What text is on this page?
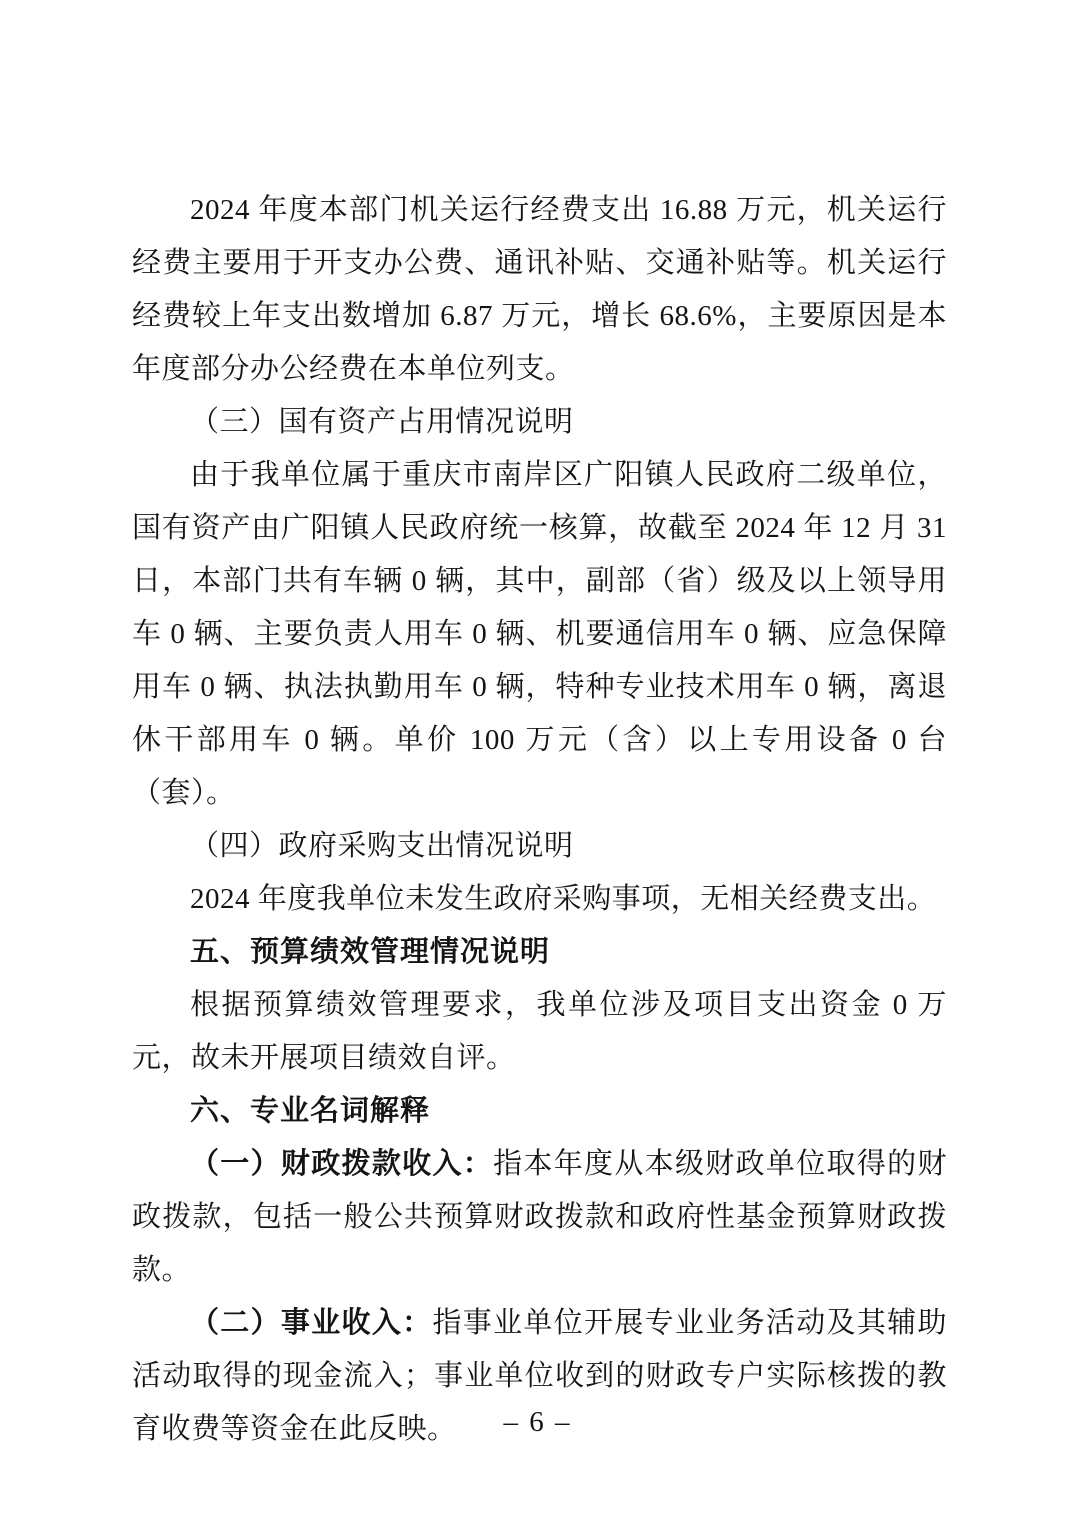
2024 年度本部门机关运行经费支出 16.88 万元，机关运行经费主要用于开支办公费、通讯补贴、交通补贴等。机关运行经费较上年支出数增加 6.87 万元，增长 68.6%，主要原因是本年度部分办公经费在本单位列支。

（三）国有资产占用情况说明

由于我单位属于重庆市南岸区广阳镇人民政府二级单位，国有资产由广阳镇人民政府统一核算，故截至 2024 年 12 月 31 日，本部门共有车辆 0 辆，其中，副部（省）级及以上领导用车 0 辆、主要负责人用车 0 辆、机要通信用车 0 辆、应急保障用车 0 辆、执法执勤用车 0 辆，特种专业技术用车 0 辆，离退休干部用车 0 辆。单价 100 万元（含）以上专用设备 0 台（套）。

（四）政府采购支出情况说明

2024 年度我单位未发生政府采购事项，无相关经费支出。

五、预算绩效管理情况说明

根据预算绩效管理要求，我单位涉及项目支出资金 0 万元，故未开展项目绩效自评。

六、专业名词解释

（一）财政拨款收入：指本年度从本级财政单位取得的财政拨款，包括一般公共预算财政拨款和政府性基金预算财政拨款。

（二）事业收入：指事业单位开展专业业务活动及其辅助活动取得的现金流入；事业单位收到的财政专户实际核拨的教育收费等资金在此反映。	– 6 –
